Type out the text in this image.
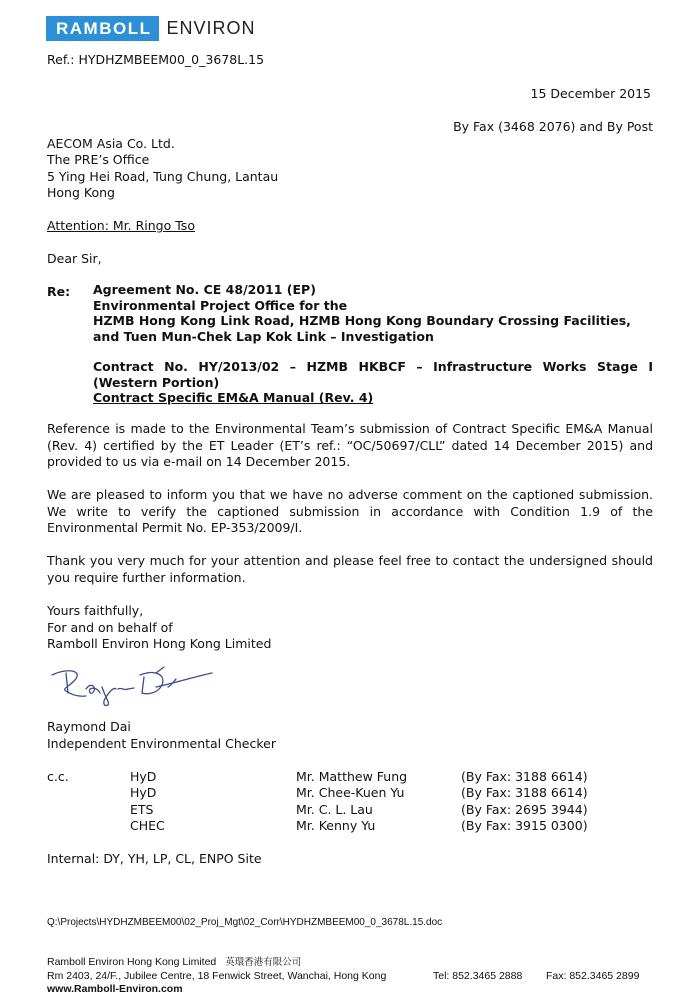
RAMBOLL ENVIRON
Ref.: HYDHZMBEEM00_0_3678L.15
15 December 2015
By Fax (3468 2076) and By Post
AECOM Asia Co. Ltd.
The PRE’s Office
5 Ying Hei Road, Tung Chung, Lantau
Hong Kong
Attention: Mr. Ringo Tso
Dear Sir,
Re: Agreement No. CE 48/2011 (EP)
Environmental Project Office for the
HZMB Hong Kong Link Road, HZMB Hong Kong Boundary Crossing Facilities,
and Tuen Mun-Chek Lap Kok Link – Investigation
Contract No. HY/2013/02 – HZMB HKBCF – Infrastructure Works Stage I
(Western Portion)
Contract Specific EM&A Manual (Rev. 4)
Reference is made to the Environmental Team’s submission of Contract Specific EM&A Manual (Rev. 4) certified by the ET Leader (ET’s ref.: “OC/50697/CLL” dated 14 December 2015) and provided to us via e-mail on 14 December 2015.
We are pleased to inform you that we have no adverse comment on the captioned submission. We write to verify the captioned submission in accordance with Condition 1.9 of the Environmental Permit No. EP-353/2009/I.
Thank you very much for your attention and please feel free to contact the undersigned should you require further information.
Yours faithfully,
For and on behalf of
Ramboll Environ Hong Kong Limited
Raymond Dai
Independent Environmental Checker
c.c.	HyD	Mr. Matthew Fung	(By Fax: 3188 6614)
HyD	Mr. Chee-Kuen Yu	(By Fax: 3188 6614)
ETS	Mr. C. L. Lau	(By Fax: 2695 3944)
CHEC	Mr. Kenny Yu	(By Fax: 3915 0300)
Internal: DY, YH, LP, CL, ENPO Site
Q:\Projects\HYDHZMBEEM00\02_Proj_Mgt\02_Corr\HYDHZMBEEM00_0_3678L.15.doc
Ramboll Environ Hong Kong Limited 英環香港有限公司
Rm 2403, 24/F., Jubilee Centre, 18 Fenwick Street, Wanchai, Hong Kong	Tel: 852.3465 2888 Fax: 852.3465 2899
www.Ramboll-Environ.com
